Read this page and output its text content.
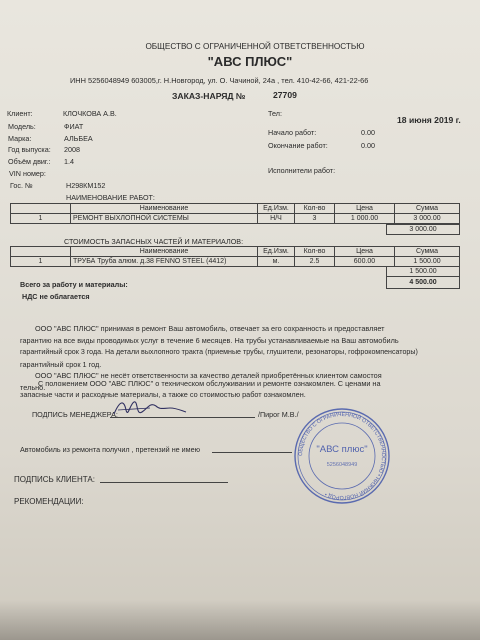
ОБЩЕСТВО С ОГРАНИЧЕННОЙ ОТВЕТСТВЕННОСТЬЮ
"АВС ПЛЮС"
ИНН 5256048949 603005,г. Н.Новгород, ул. О. Чачиной, 24а , тел. 410-42-66, 421-22-66
ЗАКАЗ-НАРЯД №	27709
18 июня 2019 г.
Клиент:	КЛОЧКОВА А.В.
Модель:	ФИАТ
Марка:	АЛЬБЕА
Год выпуска: 2008
Объём двиг.: 1.4
VIN номер:
Гос. №	Н298КМ152
Тел:
Начало работ:	0.00
Окончание работ:	0.00
Исполнители работ:
НАИМЕНОВАНИЕ РАБОТ:
	Наименование	Ед.Изм.	Кол-во	Цена	Сумма
1	РЕМОНТ ВЫХЛОПНОЙ СИСТЕМЫ	Н/Ч	3	1 000.00	3 000.00
3 000.00
СТОИМОСТЬ ЗАПАСНЫХ ЧАСТЕЙ И МАТЕРИАЛОВ:
	Наименование	Ед.Изм.	Кол-во	Цена	Сумма
1	ТРУБА Труба алюм. д.38 FENNO STEEL (4412)	м.	2.5	600.00	1 500.00
1 500.00
4 500.00
Всего за работу и материалы:
НДС не облагается
ООО "АВС ПЛЮС" принимая в ремонт Ваш автомобиль, отвечает за его сохранность и предоставляет
гарантию на все виды проводимых услуг в течение 6 месяцев. На трубы устанавливаемые на Ваш автомобиль
гарантийный срок 3 года. На детали выхлопного тракта (приемные трубы, глушители, резонаторы, гофрокомпенсаторы)
гарантийный срок 1 год.
ООО "АВС ПЛЮС" не несёт ответственности за качество деталей приобретённых клиентом самостоя
тельно.
С положением ООО "АВС ПЛЮС" о техническом обслуживании и ремонте ознакомлен. С ценами на
запасные части и расходные материалы, а также со стоимостью работ ознакомлен.
ПОДПИСЬ МЕНЕДЖЕРА:	/Пирог М.В./
Автомобиль из ремонта получил , претензий не имею
ПОДПИСЬ КЛИЕНТА:
РЕКОМЕНДАЦИИ:
ОБЩЕСТВО С ОГРАНИЧЕННОЙ ОТВЕТСТВЕННОСТЬЮ • НИЖНИЙ НОВГОРОД •
"АВС плюс"
5256048949
